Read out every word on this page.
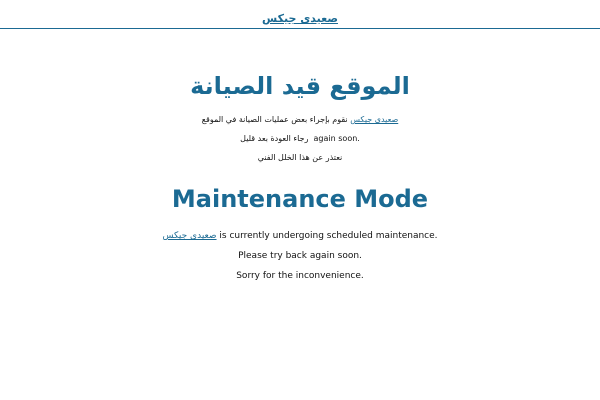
صعيدى جيكس
الموقع قيد الصيانة

صعيدى جيكس نقوم بإجراء بعض عمليات الصيانة في الموقع

رجاء العودة بعد قليل again soon.

نعتذر عن هذا الخلل الفني

Maintenance Mode

صعيدى جيكس is currently undergoing scheduled maintenance.

Please try back again soon.

Sorry for the inconvenience.
